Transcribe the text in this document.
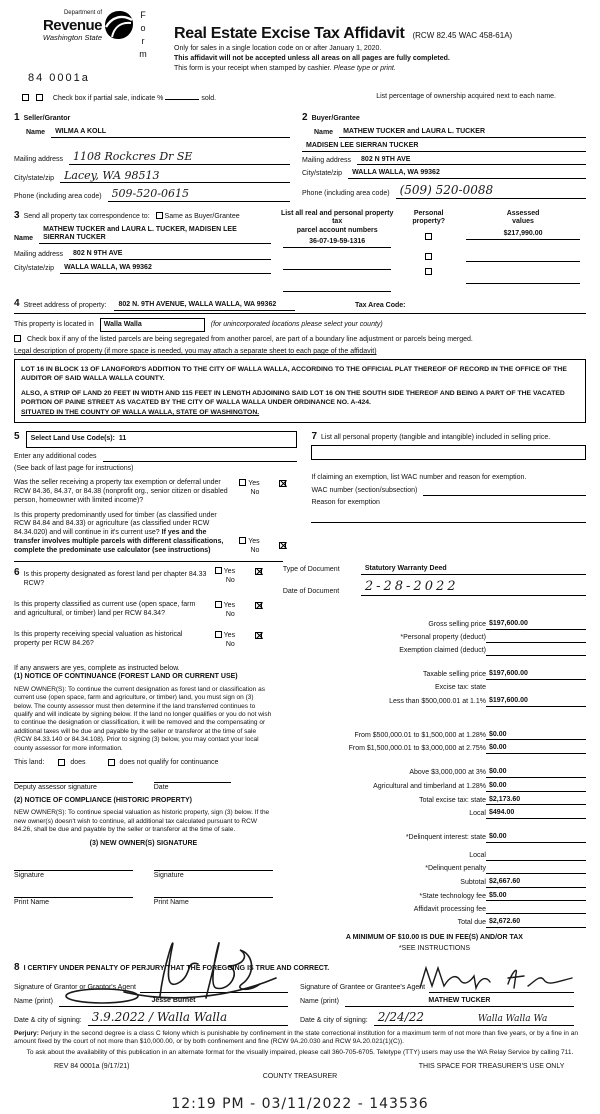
Department of
Revenue
Washington State	Form
84 0001a
Real Estate Excise Tax Affidavit (RCW 82.45 WAC 458-61A)
Only for sales in a single location code on or after January 1, 2020.
This affidavit will not be accepted unless all areas on all pages are fully completed.
This form is your receipt when stamped by cashier. Please type or print.
Check box if partial sale, indicate %	sold.	List percentage of ownership acquired next to each name.
1 Seller/Grantor
Name	WILMA A KOLL
Mailing address 1108 Rockcres Dr SE
City/state/zip Lacey, WA 98513
Phone (including area code) 509-520-0615
2 Buyer/Grantee
Name	MATHEW TUCKER and LAURA L. TUCKER
MADISEN LEE SIERRAN TUCKER
Mailing address	802 N 9TH AVE
City/state/zip	WALLA WALLA, WA 99362
Phone (including area code) (509) 520-0088
3 Send all property tax correspondence to: Same as Buyer/Grantee
Name
MATHEW TUCKER and LAURA L. TUCKER, MADISEN LEE
SIERRAN TUCKER
Mailing address	802 N 9TH AVE
City/state/zip	WALLA WALLA, WA 99362
List all real and personal property tax
parcel account numbers
36-07-19-59-1316
Personal
property?
Assessed
values
$217,990.00
4 Street address of property:	802 N. 9TH AVENUE, WALLA WALLA, WA 99362	Tax Area Code:
This property is located in	Walla Walla	(for unincorporated locations please select your county)
Check box if any of the listed parcels are being segregated from another parcel, are part of a boundary line adjustment or parcels being merged.
Legal description of property (if more space is needed, you may attach a separate sheet to each page of the affidavit)

LOT 16 IN BLOCK 13 OF LANGFORD'S ADDITION TO THE CITY OF WALLA WALLA, ACCORDING TO THE OFFICIAL PLAT THEREOF OF RECORD IN THE OFFICE OF THE AUDITOR OF SAID WALLA WALLA COUNTY.

ALSO, A STRIP OF LAND 20 FEET IN WIDTH AND 115 FEET IN LENGTH ADJOINING SAID LOT 16 ON THE SOUTH SIDE THEREOF AND BEING A PART OF THE VACATED PORTION OF PAINE STREET AS VACATED BY THE CITY OF WALLA WALLA UNDER ORDINANCE NO. A-424.

SITUATED IN THE COUNTY OF WALLA WALLA, STATE OF WASHINGTON.

5	Select Land Use Code(s): 11
Enter any additional codes
(See back of last page for instructions)
Was the seller receiving a property tax exemption or deferral under RCW 84.36, 84.37, or 84.38 (nonprofit org., senior citizen or disabled person, homeowner with limited income)?
Yes
No
Is this property predominantly used for timber (as classified under RCW 84.84 and 84.33) or agriculture (as classified under RCW 84.34.020) and will continue in it's current use? If yes and the transfer involves multiple parcels with different classifications, complete the predominate use calculator (see instructions)
Yes
No
7 List all personal property (tangible and intangible) included in selling price.
If claiming an exemption, list WAC number and reason for exemption.
WAC number (section/subsection)
Reason for exemption
6 Is this property designated as forest land per chapter 84.33 RCW?
Yes
No
Is this property classified as current use (open space, farm and agricultural, or timber) land per RCW 84.34?
Yes
No
Is this property receiving special valuation as historical property per RCW 84.26?
Yes
No
If any answers are yes, complete as instructed below.
(1) NOTICE OF CONTINUANCE (FOREST LAND OR CURRENT USE)
NEW OWNER(S): To continue the current designation as forest land or classification as current use (open space, farm and agriculture, or timber) land, you must sign on (3) below. The county assessor must then determine if the land transferred continues to qualify and will indicate by signing below. If the land no longer qualifies or you do not wish to continue the designation or classification, it will be removed and the compensating or additional taxes will be due and payable by the seller or transferor at the time of sale (RCW 84.33.140 or 84.34.108). Prior to signing (3) below, you may contact your local county assessor for more information.
This land:	does	does not qualify for continuance
Deputy assessor signature	Date
(2) NOTICE OF COMPLIANCE (HISTORIC PROPERTY)
NEW OWNER(S): To continue special valuation as historic property, sign (3) below. If the new owner(s) doesn't wish to continue, all additional tax calculated pursuant to RCW 84.26, shall be due and payable by the seller or transferor at the time of sale.
(3) NEW OWNER(S) SIGNATURE
Signature	Signature
Print Name	Print Name
Type of Document	Statutory Warranty Deed
Date of Document	2-28-2022
Gross selling price $197,600.00
*Personal property (deduct)
Exemption claimed (deduct)
Taxable selling price $197,600.00
Excise tax: state
Less than $500,000.01 at 1.1% $197,600.00
From $500,000.01 to $1,500,000 at 1.28% $0.00
From $1,500,000.01 to $3,000,000 at 2.75% $0.00
Above $3,000,000 at 3% $0.00
Agricultural and timberland at 1.28% $0.00
Total excise tax: state $2,173.60
Local $494.00
*Delinquent interest: state $0.00
Local
*Delinquent penalty
Subtotal $2,667.60
*State technology fee $5.00
Affidavit processing fee
Total due $2,672.60
A MINIMUM OF $10.00 IS DUE IN FEE(S) AND/OR TAX
*SEE INSTRUCTIONS
8 I CERTIFY UNDER PENALTY OF PERJURY THAT THE FOREGOING IS TRUE AND CORRECT.
Signature of Grantor or Grantor's Agent	Signature of Grantee or Grantee's Agent
Name (print)	Jesse Burnet	Name (print)	MATHEW TUCKER
Date & city of signing: 3.9.2022 / Walla Walla	Date & city of signing: 2/24/22	Walla Walla Wa
Perjury: Perjury in the second degree is a class C felony which is punishable by confinement in the state correctional institution for a maximum term of not more than five years, or by a fine in an amount fixed by the court of not more than $10,000.00, or by both confinement and fine (RCW 9A.20.030 and RCW 9A.20.021(1)(C)).
To ask about the availability of this publication in an alternate format for the visually impaired, please call 360-705-6705. Teletype (TTY) users may use the WA Relay Service by calling 711.
REV 84 0001a (9/17/21)
COUNTY TREASURER
THIS SPACE FOR TREASURER'S USE ONLY
12:19 PM - 03/11/2022 - 143536
